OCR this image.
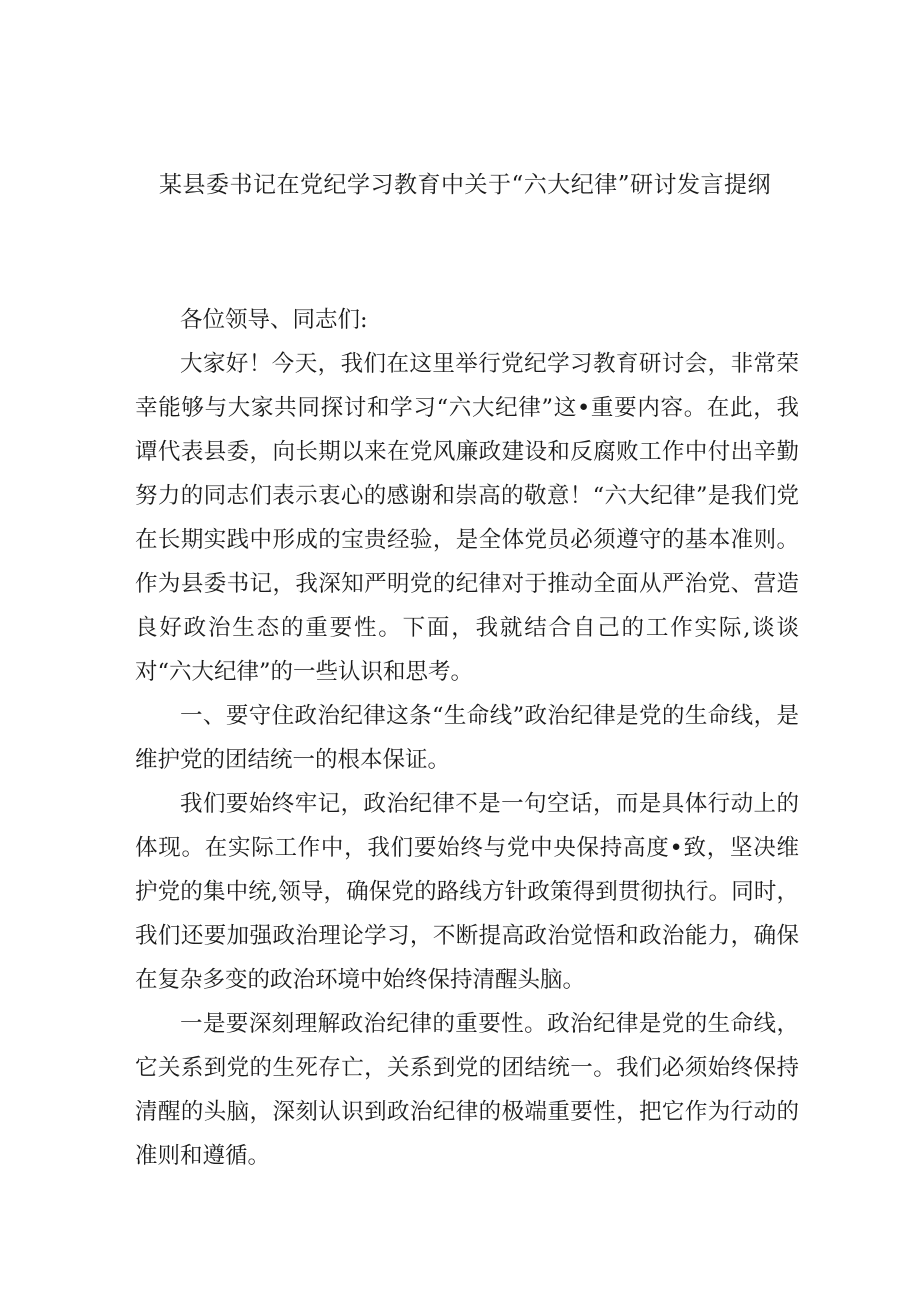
某县委书记在党纪学习教育中关于“六大纪律”研讨发言提纲

各位领导、同志们:

大家好！今天，我们在这里举行党纪学习教育研讨会，非常荣幸能够与大家共同探讨和学习“六大纪律”这•重要内容。在此，我谭代表县委，向长期以来在党风廉政建设和反腐败工作中付出辛勤努力的同志们表示衷心的感谢和崇高的敬意！“六大纪律”是我们党在长期实践中形成的宝贵经验，是全体党员必须遵守的基本准则。作为县委书记，我深知严明党的纪律对于推动全面从严治党、营造良好政治生态的重要性。下面，我就结合自己的工作实际,谈谈对“六大纪律”的一些认识和思考。

一、要守住政治纪律这条“生命线”政治纪律是党的生命线，是维护党的团结统一的根本保证。

我们要始终牢记，政治纪律不是一句空话，而是具体行动上的体现。在实际工作中，我们要始终与党中央保持高度•致，坚决维护党的集中统,领导，确保党的路线方针政策得到贯彻执行。同时，我们还要加强政治理论学习，不断提高政治觉悟和政治能力，确保在复杂多变的政治环境中始终保持清醒头脑。

一是要深刻理解政治纪律的重要性。政治纪律是党的生命线，它关系到党的生死存亡，关系到党的团结统一。我们必须始终保持清醒的头脑，深刻认识到政治纪律的极端重要性，把它作为行动的准则和遵循。
